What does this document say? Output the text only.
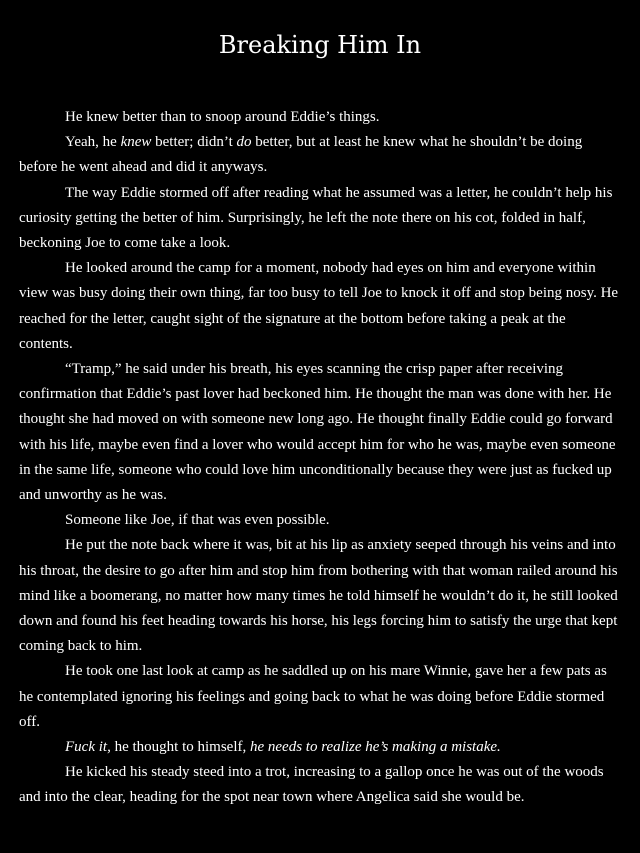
Breaking Him In

He knew better than to snoop around Eddie’s things.

Yeah, he knew better; didn’t do better, but at least he knew what he shouldn’t be doing before he went ahead and did it anyways.

The way Eddie stormed off after reading what he assumed was a letter, he couldn’t help his curiosity getting the better of him. Surprisingly, he left the note there on his cot, folded in half, beckoning Joe to come take a look.

He looked around the camp for a moment, nobody had eyes on him and everyone within view was busy doing their own thing, far too busy to tell Joe to knock it off and stop being nosy. He reached for the letter, caught sight of the signature at the bottom before taking a peak at the contents.

“Tramp,” he said under his breath, his eyes scanning the crisp paper after receiving confirmation that Eddie’s past lover had beckoned him. He thought the man was done with her. He thought she had moved on with someone new long ago. He thought finally Eddie could go forward with his life, maybe even find a lover who would accept him for who he was, maybe even someone in the same life, someone who could love him unconditionally because they were just as fucked up and unworthy as he was.

Someone like Joe, if that was even possible.

He put the note back where it was, bit at his lip as anxiety seeped through his veins and into his throat, the desire to go after him and stop him from bothering with that woman railed around his mind like a boomerang, no matter how many times he told himself he wouldn’t do it, he still looked down and found his feet heading towards his horse, his legs forcing him to satisfy the urge that kept coming back to him.

He took one last look at camp as he saddled up on his mare Winnie, gave her a few pats as he contemplated ignoring his feelings and going back to what he was doing before Eddie stormed off.

Fuck it, he thought to himself, he needs to realize he’s making a mistake.

He kicked his steady steed into a trot, increasing to a gallop once he was out of the woods and into the clear, heading for the spot near town where Angelica said she would be.
